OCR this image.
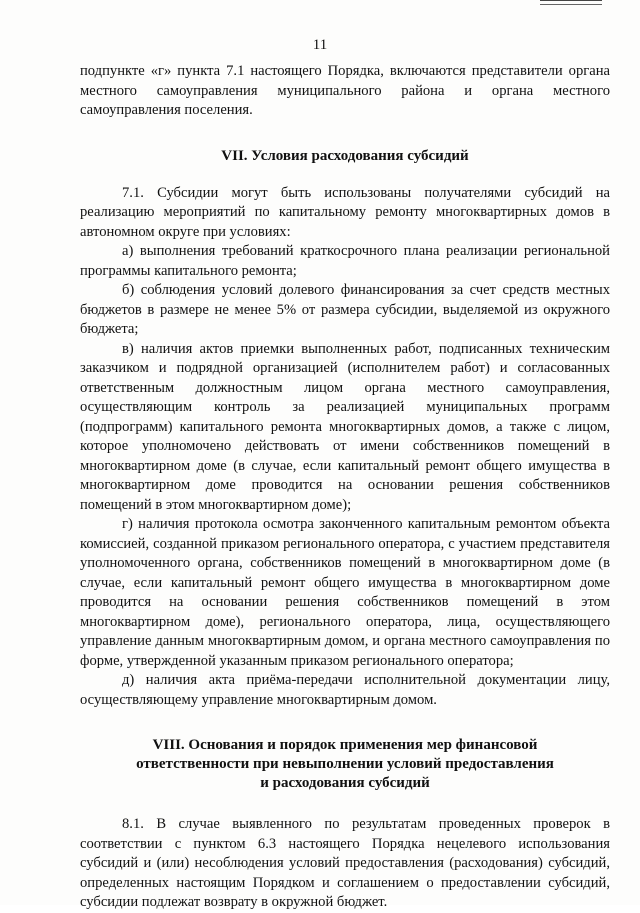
11

подпункте «г» пункта 7.1 настоящего Порядка, включаются представители органа местного самоуправления муниципального района и органа местного самоуправления поселения.

VII. Условия расходования субсидий

7.1. Субсидии могут быть использованы получателями субсидий на реализацию мероприятий по капитальному ремонту многоквартирных домов в автономном округе при условиях:

а) выполнения требований краткосрочного плана реализации региональной программы капитального ремонта;

б) соблюдения условий долевого финансирования за счет средств местных бюджетов в размере не менее 5% от размера субсидии, выделяемой из окружного бюджета;

в) наличия актов приемки выполненных работ, подписанных техническим заказчиком и подрядной организацией (исполнителем работ) и согласованных ответственным должностным лицом органа местного самоуправления, осуществляющим контроль за реализацией муниципальных программ (подпрограмм) капитального ремонта многоквартирных домов, а также с лицом, которое уполномочено действовать от имени собственников помещений в многоквартирном доме (в случае, если капитальный ремонт общего имущества в многоквартирном доме проводится на основании решения собственников помещений в этом многоквартирном доме);

г) наличия протокола осмотра законченного капитальным ремонтом объекта комиссией, созданной приказом регионального оператора, с участием представителя уполномоченного органа, собственников помещений в многоквартирном доме (в случае, если капитальный ремонт общего имущества в многоквартирном доме проводится на основании решения собственников помещений в этом многоквартирном доме), регионального оператора, лица, осуществляющего управление данным многоквартирным домом, и органа местного самоуправления по форме, утвержденной указанным приказом регионального оператора;

д) наличия акта приёма-передачи исполнительной документации лицу, осуществляющему управление многоквартирным домом.

VIII. Основания и порядок применения мер финансовой
ответственности при невыполнении условий предоставления
и расходования субсидий

8.1. В случае выявленного по результатам проведенных проверок в соответствии с пунктом 6.3 настоящего Порядка нецелевого использования субсидий и (или) несоблюдения условий предоставления (расходования) субсидий, определенных настоящим Порядком и соглашением о предоставлении субсидий, субсидии подлежат возврату в окружной бюджет.
